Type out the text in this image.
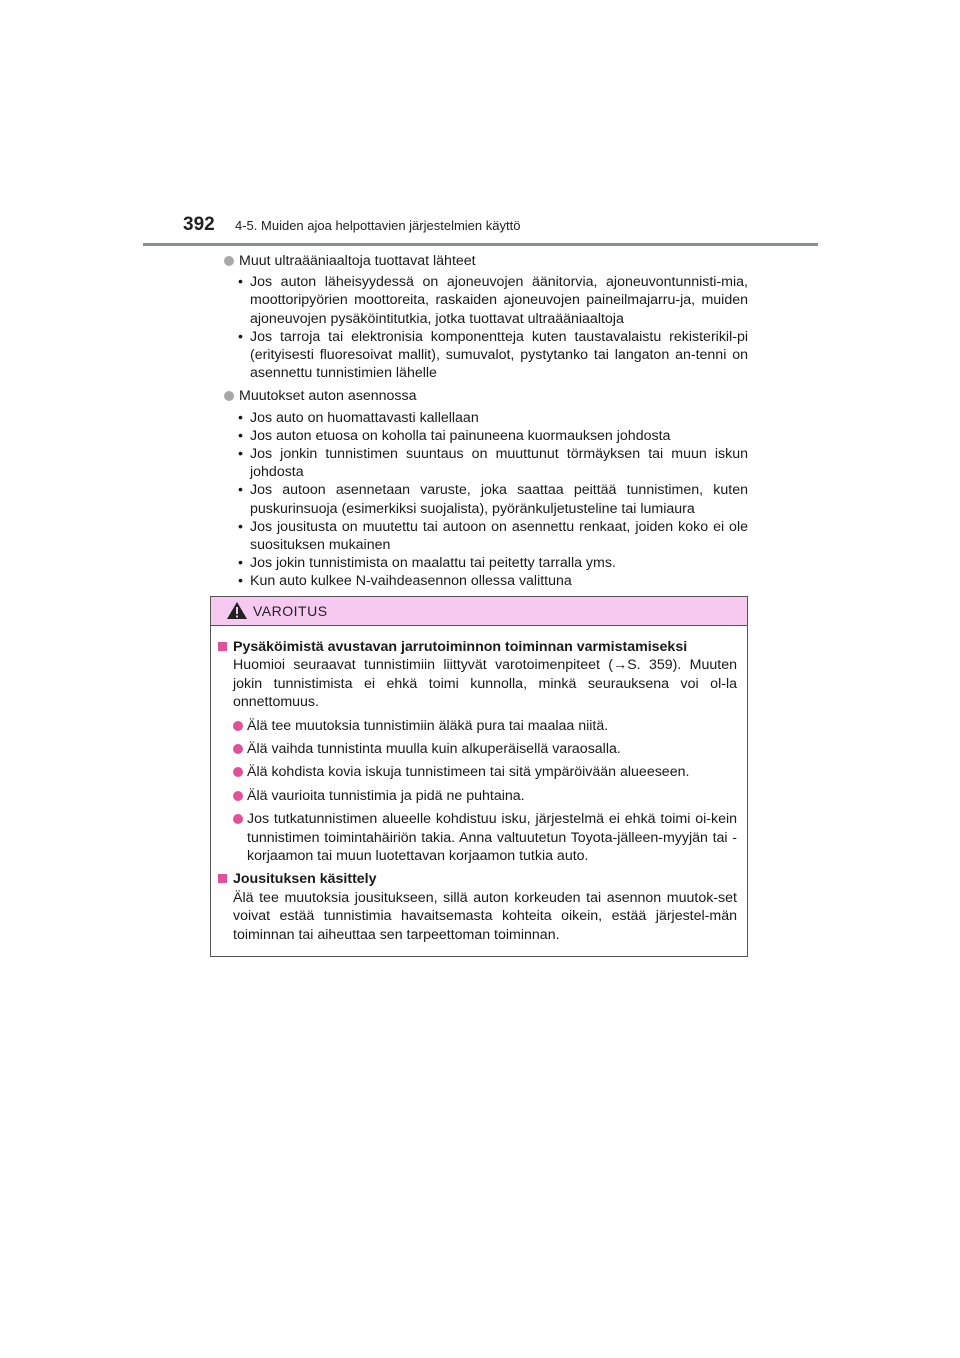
392	4-5. Muiden ajoa helpottavien järjestelmien käyttö
Muut ultraääniaaltoja tuottavat lähteet
• Jos auton läheisyydessä on ajoneuvojen äänitorvia, ajoneuvontunnisti-mia, moottoripyörien moottoreita, raskaiden ajoneuvojen paineilmajarru-ja, muiden ajoneuvojen pysäköintitutkia, jotka tuottavat ultraääniaaltoja
• Jos tarroja tai elektronisia komponentteja kuten taustavalaistu rekisterikil-pi (erityisesti fluoresoivat mallit), sumuvalot, pystytanko tai langaton an-tenni on asennettu tunnistimien lähelle
Muutokset auton asennossa
• Jos auto on huomattavasti kallellaan
• Jos auton etuosa on koholla tai painuneena kuormauksen johdosta
• Jos jonkin tunnistimen suuntaus on muuttunut törmäyksen tai muun iskun johdosta
• Jos autoon asennetaan varuste, joka saattaa peittää tunnistimen, kuten puskurinsuoja (esimerkiksi suojalista), pyöränkuljetusteline tai lumiaura
• Jos jousitusta on muutettu tai autoon on asennettu renkaat, joiden koko ei ole suosituksen mukainen
• Jos jokin tunnistimista on maalattu tai peitetty tarralla yms.
• Kun auto kulkee N-vaihdeasennon ollessa valittuna
VAROITUS
Pysäköimistä avustavan jarrutoiminnon toiminnan varmistamiseksi
Huomioi seuraavat tunnistimiin liittyvät varotoimenpiteet (→S. 359). Muuten jokin tunnistimista ei ehkä toimi kunnolla, minkä seurauksena voi ol-la onnettomuus.
Älä tee muutoksia tunnistimiin äläkä pura tai maalaa niitä.
Älä vaihda tunnistinta muulla kuin alkuperäisellä varaosalla.
Älä kohdista kovia iskuja tunnistimeen tai sitä ympäröivään alueeseen.
Älä vaurioita tunnistimia ja pidä ne puhtaina.
Jos tutkatunnistimen alueelle kohdistuu isku, järjestelmä ei ehkä toimi oi-kein tunnistimen toimintahäiriön takia. Anna valtuutetun Toyota-jälleen-myyjän tai -korjaamon tai muun luotettavan korjaamon tutkia auto.
Jousituksen käsittely
Älä tee muutoksia jousitukseen, sillä auton korkeuden tai asennon muutok-set voivat estää tunnistimia havaitsemasta kohteita oikein, estää järjestel-män toiminnan tai aiheuttaa sen tarpeettoman toiminnan.
